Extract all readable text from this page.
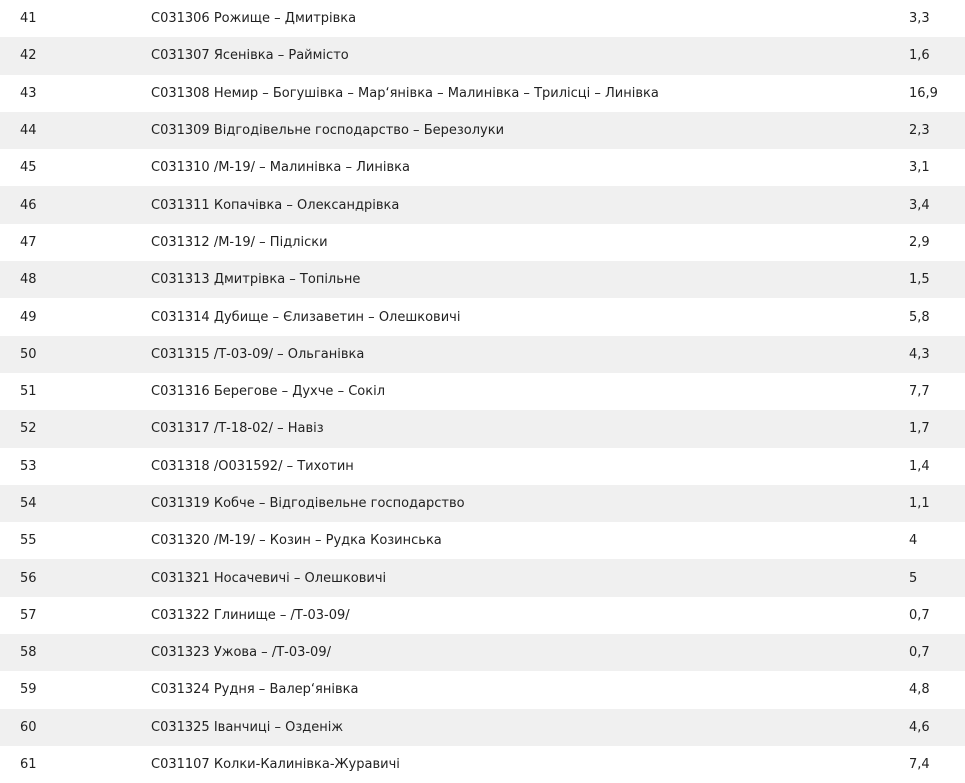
41	С031306 Рожище – Дмитрівка	3,3
42	С031307 Ясенівка – Раймісто	1,6
43	С031308 Немир – Богушівка – Мар‘янівка – Малинівка – Трилісці – Линівка	16,9
44	С031309 Відгодівельне господарство – Березолуки	2,3
45	С031310 /М-19/ – Малинівка – Линівка	3,1
46	С031311 Копачівка – Олександрівка	3,4
47	С031312 /М-19/ – Підліски	2,9
48	С031313 Дмитрівка – Топільне	1,5
49	С031314 Дубище – Єлизаветин – Олешковичі	5,8
50	С031315 /Т-03-09/ – Ольганівка	4,3
51	С031316 Берегове – Духче – Сокіл	7,7
52	С031317 /Т-18-02/ – Навіз	1,7
53	С031318 /О031592/ – Тихотин	1,4
54	С031319 Кобче – Відгодівельне господарство	1,1
55	С031320 /М-19/ – Козин – Рудка Козинська	4
56	С031321 Носачевичі – Олешковичі	5
57	С031322 Глинище – /Т-03-09/	0,7
58	С031323 Ужова – /Т-03-09/	0,7
59	С031324 Рудня – Валер‘янівка	4,8
60	С031325 Іванчиці – Озденіж	4,6
61	С031107 Колки-Калинівка-Журавичі	7,4
